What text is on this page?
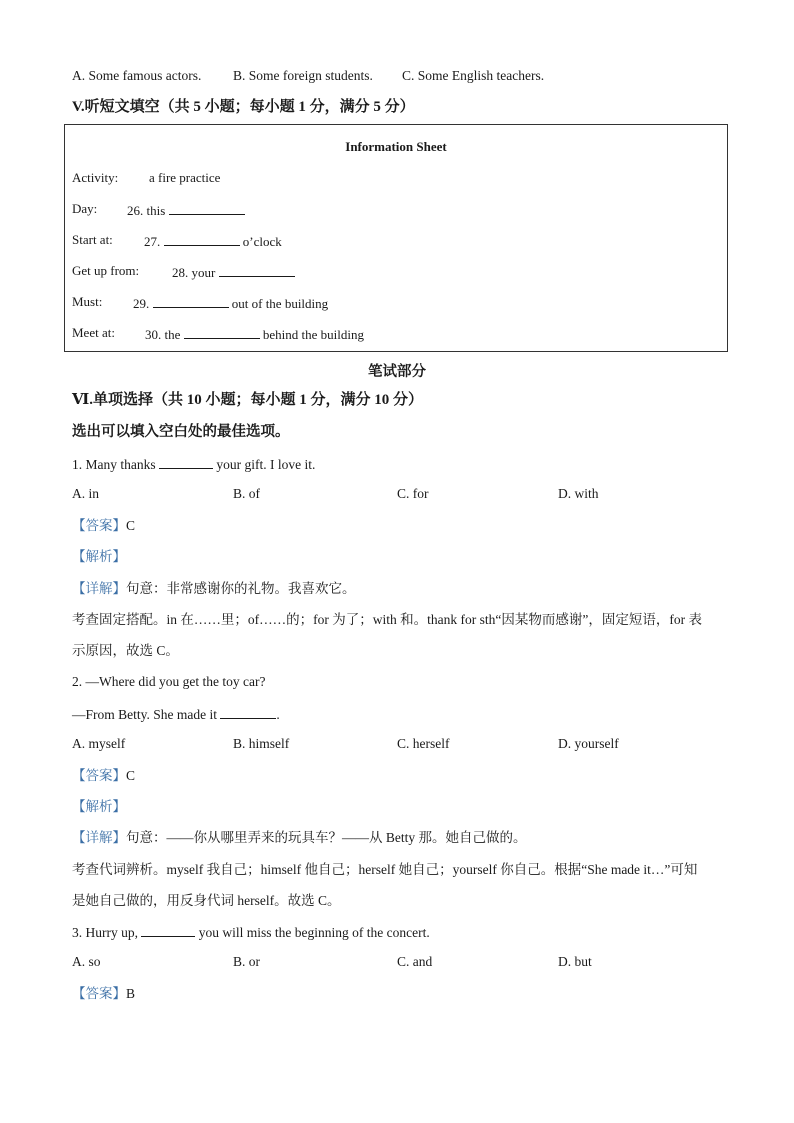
A. Some famous actors. B. Some foreign students. C. Some English teachers.
V.听短文填空（共 5 小题；每小题 1 分，满分 5 分）
Information Sheet
Activity: a fire practice
Day: 26. this
Start at: 27.	o’clock
Get up from:	28. your
Must: 29.	out of the building
Meet at: 30. the	behind the building
笔试部分
Ⅵ.单项选择（共 10 小题；每小题 1 分，满分 10 分）
选出可以填入空白处的最佳选项。
1. Many thanks	your gift. I love it.
A. in	B. of	C. for	D. with
【答案】C
【解析】
【详解】句意：非常感谢你的礼物。我喜欢它。
考查固定搭配。in 在……里；of……的；for 为了；with 和。thank for sth“因某物而感谢”，固定短语，for 表
示原因，故选 C。
2. —Where did you get the toy car?
—From Betty. She made it	.
A. myself	B. himself	C. herself	D. yourself
【答案】C
【解析】
【详解】句意：——你从哪里弄来的玩具车？——从 Betty 那。她自己做的。
考查代词辨析。myself 我自己；himself 他自己；herself 她自己；yourself 你自己。根据“She made it…”可知
是她自己做的，用反身代词 herself。故选 C。
3. Hurry up,	you will miss the beginning of the concert.
A. so	B. or	C. and	D. but
【答案】B
